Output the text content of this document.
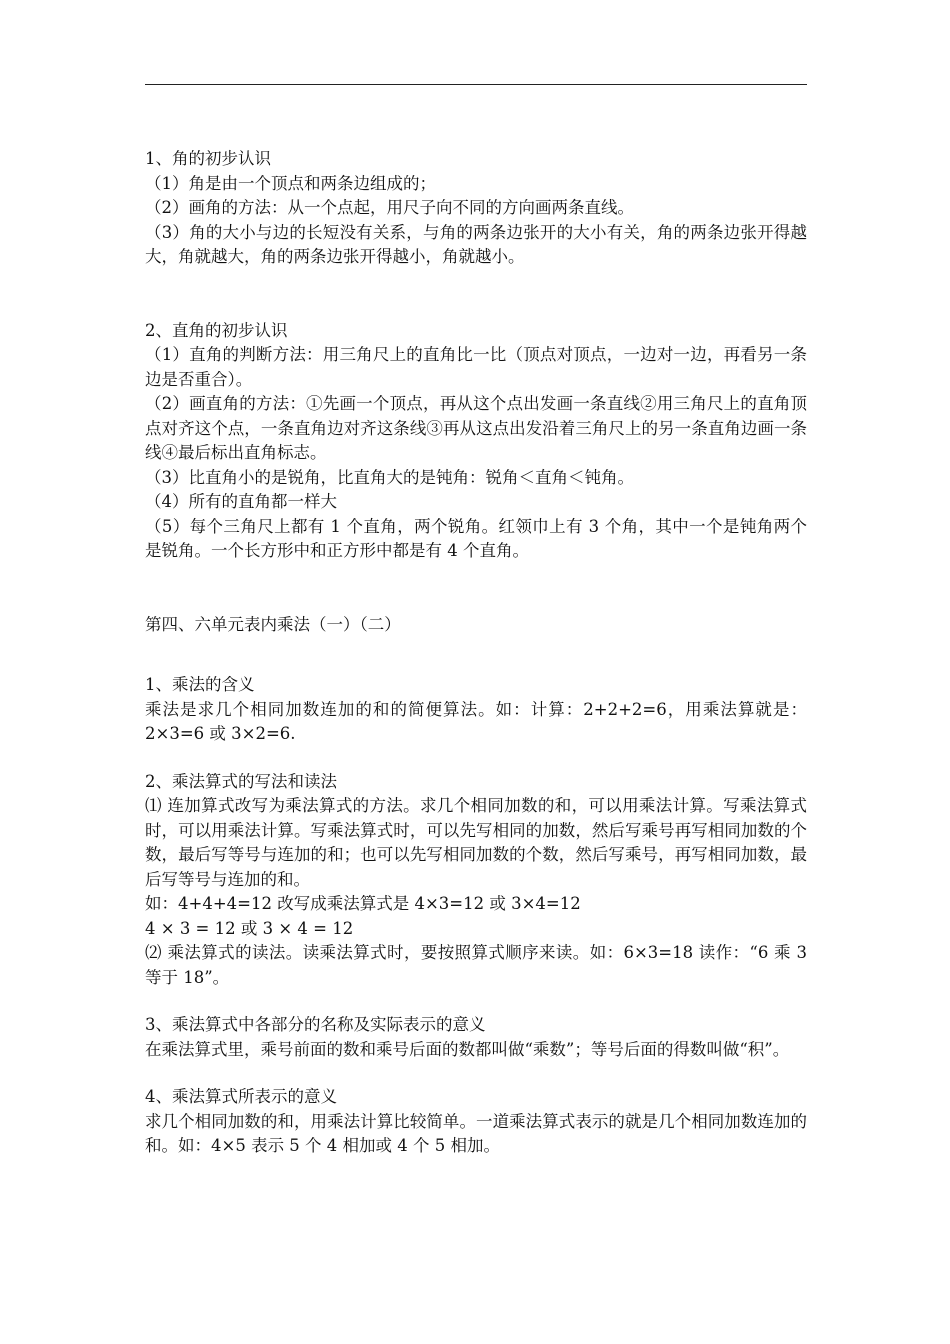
1、角的初步认识
（1）角是由一个顶点和两条边组成的；
（2）画角的方法：从一个点起，用尺子向不同的方向画两条直线。
（3）角的大小与边的长短没有关系，与角的两条边张开的大小有关，角的两条边张开得越大，角就越大，角的两条边张开得越小，角就越小。
2、直角的初步认识
（1）直角的判断方法：用三角尺上的直角比一比（顶点对顶点，一边对一边，再看另一条边是否重合）。
（2）画直角的方法：①先画一个顶点，再从这个点出发画一条直线②用三角尺上的直角顶点对齐这个点，一条直角边对齐这条线③再从这点出发沿着三角尺上的另一条直角边画一条线④最后标出直角标志。
（3）比直角小的是锐角，比直角大的是钝角：锐角＜直角＜钝角。
（4）所有的直角都一样大
（5）每个三角尺上都有 1 个直角，两个锐角。红领巾上有 3 个角，其中一个是钝角两个是锐角。一个长方形中和正方形中都是有 4 个直角。
第四、六单元表内乘法（一）（二）
1、乘法的含义
乘法是求几个相同加数连加的和的简便算法。如：计算：2+2+2=6，用乘法算就是：2×3=6 或 3×2=6.
2、乘法算式的写法和读法
⑴ 连加算式改写为乘法算式的方法。求几个相同加数的和，可以用乘法计算。写乘法算式时，可以用乘法计算。写乘法算式时，可以先写相同的加数，然后写乘号再写相同加数的个数，最后写等号与连加的和；也可以先写相同加数的个数，然后写乘号，再写相同加数，最后写等号与连加的和。
如：4+4+4=12 改写成乘法算式是 4×3=12 或 3×4=12
4 × 3 = 12 或 3 × 4 = 12
⑵ 乘法算式的读法。读乘法算式时，要按照算式顺序来读。如：6×3=18 读作：“6 乘 3 等于 18”。
3、乘法算式中各部分的名称及实际表示的意义
在乘法算式里，乘号前面的数和乘号后面的数都叫做“乘数”；等号后面的得数叫做“积”。
4、乘法算式所表示的意义
求几个相同加数的和，用乘法计算比较简单。一道乘法算式表示的就是几个相同加数连加的和。如：4×5 表示 5 个 4 相加或 4 个 5 相加。
